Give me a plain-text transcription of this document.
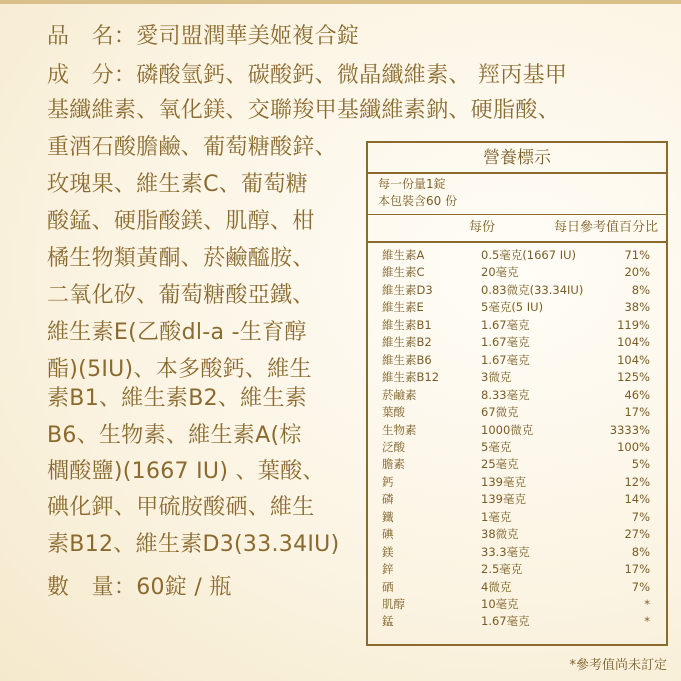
品　名：愛司盟潤華美姬複合錠
成　分：磷酸氫鈣、碳酸鈣、微晶纖維素、 羥丙基甲
基纖維素、氧化鎂、交聯羧甲基纖維素鈉、硬脂酸、
重酒石酸膽鹼、葡萄糖酸鋅、
玫瑰果、維生素C、葡萄糖
酸錳、硬脂酸鎂、肌醇、柑
橘生物類黃酮、菸鹼醯胺、
二氧化矽、葡萄糖酸亞鐵、
維生素E(乙酸dl-a -生育醇
酯)(5IU)、本多酸鈣、維生
素B1、維生素B2、維生素
B6、生物素、維生素A(棕
櫚酸鹽)(1667 IU) 、葉酸、
碘化鉀、甲硫胺酸硒、維生
素B12、維生素D3(33.34IU)
數　量：60錠 / 瓶
營養標示
每一份量1錠
本包裝含60 份
每份	每日參考值百分比
維生素A	0.5毫克(1667 IU)	71%
維生素C	20毫克	20%
維生素D3	0.83微克(33.34IU)	8%
維生素E	5毫克(5 IU)	38%
維生素B1	1.67毫克	119%
維生素B2	1.67毫克	104%
維生素B6	1.67毫克	104%
維生素B12	3微克	125%
菸鹼素	8.33毫克	46%
葉酸	67微克	17%
生物素	1000微克	3333%
泛酸	5毫克	100%
膽素	25毫克	5%
鈣	139毫克	12%
磷	139毫克	14%
鐵	1毫克	7%
碘	38微克	27%
鎂	33.3毫克	8%
鋅	2.5毫克	17%
硒	4微克	7%
肌醇	10毫克	*
錳	1.67毫克	*
*參考值尚未訂定
